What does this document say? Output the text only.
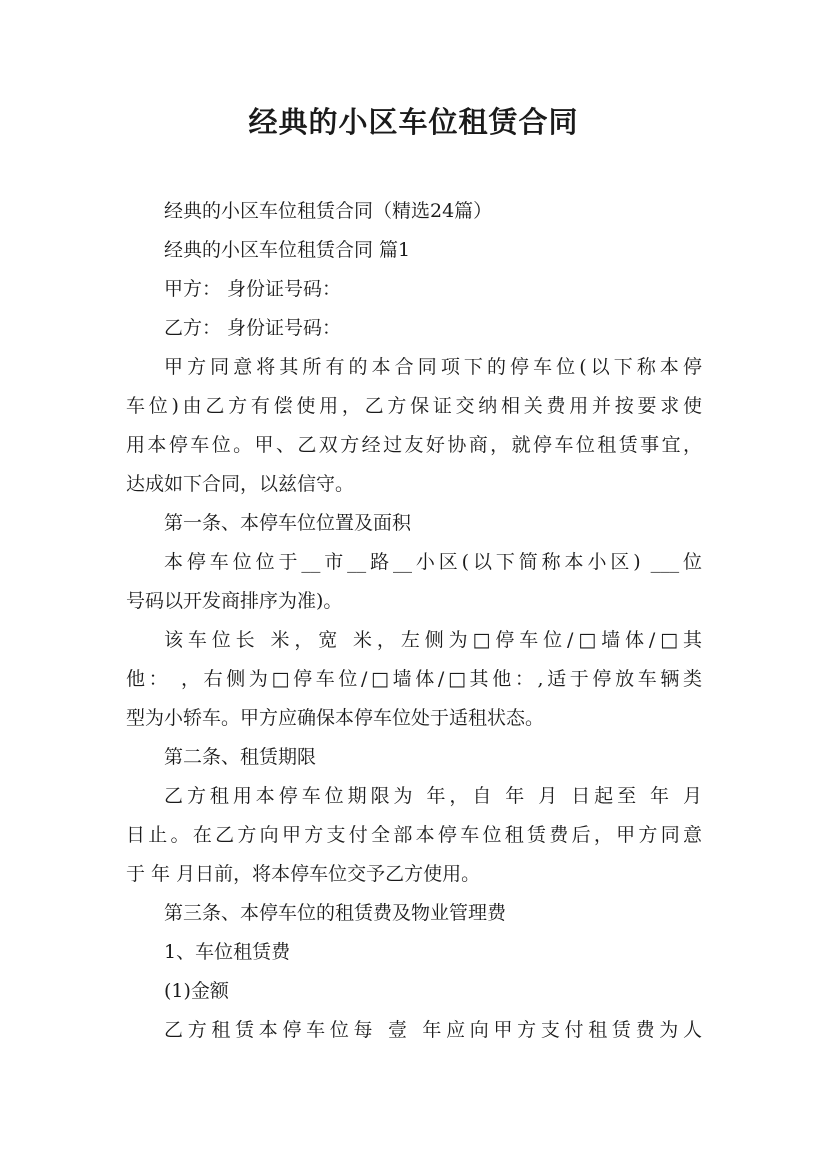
经典的小区车位租赁合同
经典的小区车位租赁合同（精选24篇）
经典的小区车位租赁合同 篇1
甲方： 身份证号码：
乙方： 身份证号码：
甲方同意将其所有的本合同项下的停车位(以下称本停
车位)由乙方有偿使用，乙方保证交纳相关费用并按要求使
用本停车位。甲、乙双方经过友好协商，就停车位租赁事宜，
达成如下合同，以兹信守。
第一条、本停车位位置及面积
本停车位位于__市__路__小区(以下简称本小区) ___位
号码以开发商排序为准)。
该车位长 米，宽 米，左侧为□停车位/□墙体/□其
他： ，右侧为□停车位/□墙体/□其他：,适于停放车辆类
型为小轿车。甲方应确保本停车位处于适租状态。
第二条、租赁期限
乙方租用本停车位期限为 年，自 年 月 日起至 年 月
日止。在乙方向甲方支付全部本停车位租赁费后，甲方同意
于 年 月日前，将本停车位交予乙方使用。
第三条、本停车位的租赁费及物业管理费
1、车位租赁费
(1)金额
乙方租赁本停车位每 壹 年应向甲方支付租赁费为人
